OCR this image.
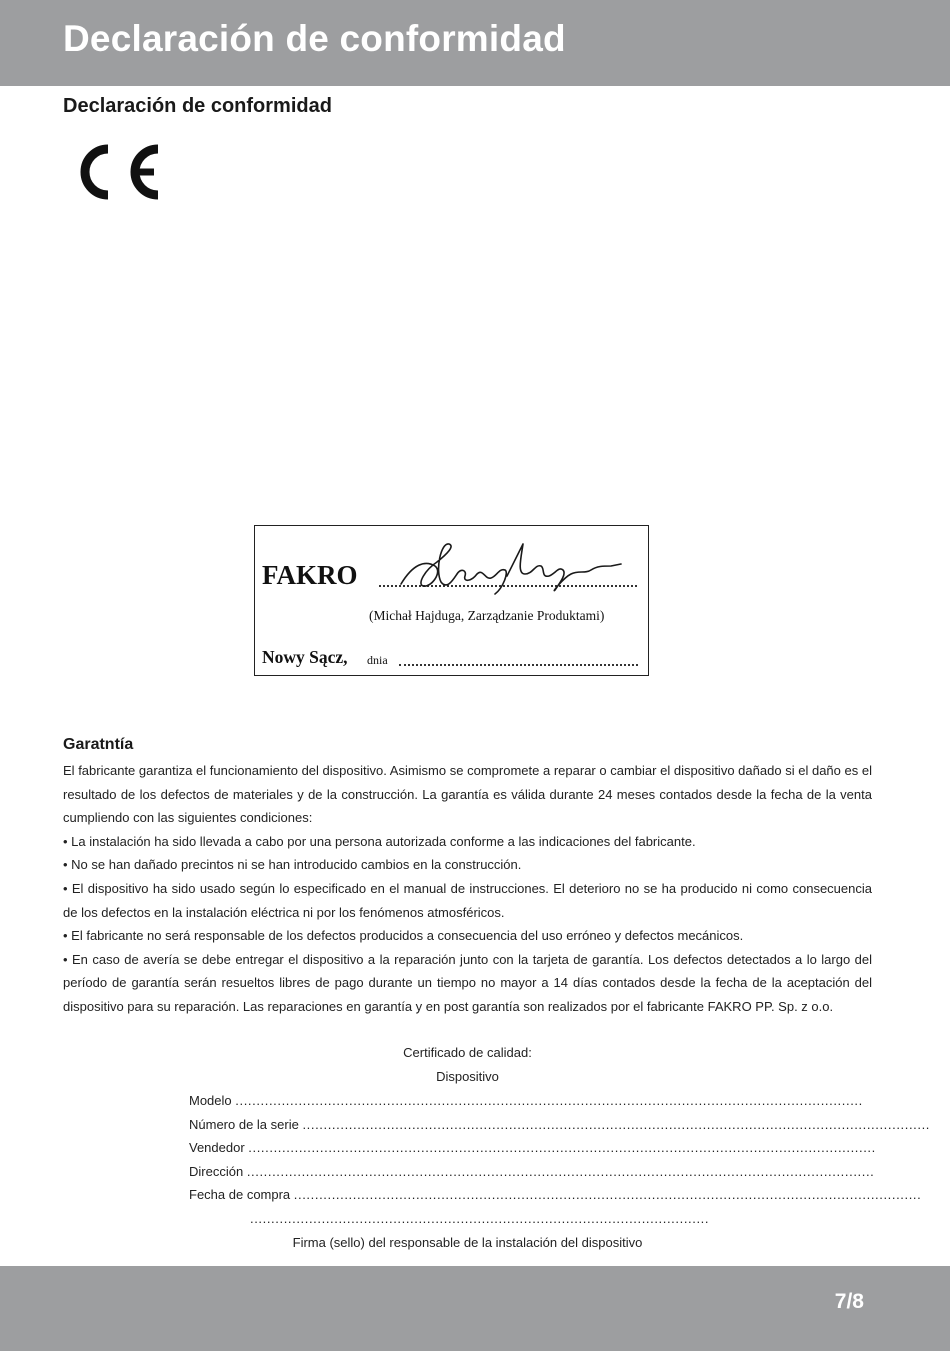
Declaración de conformidad
Declaración de conformidad
FAKRO
(Michał Hajduga, Zarządzanie Produktami)
Nowy Sącz, dnia
Garatntía

El fabricante garantiza el funcionamiento del dispositivo. Asimismo se compromete a reparar o cambiar el dispositivo dañado si el daño es el resultado de los defectos de materiales y de la construcción. La garantía es válida durante 24 meses contados desde la fecha de la venta cumpliendo con las siguientes condiciones:

• La instalación ha sido llevada a cabo por una persona autorizada conforme a las indicaciones del fabricante.

• No se han dañado precintos ni se han introducido cambios en la construcción.

• El dispositivo ha sido usado según lo especificado en el manual de instrucciones. El deterioro no se ha producido ni como consecuencia de los defectos en la instalación eléctrica ni por los fenómenos atmosféricos.

• El fabricante no será responsable de los defectos producidos a consecuencia del uso erróneo y defectos mecánicos.

• En caso de avería se debe entregar el dispositivo a la reparación junto con la tarjeta de garantía. Los defectos detectados a lo largo del período de garantía serán resueltos libres de pago durante un tiempo no mayor a 14 días contados desde la fecha de la aceptación del dispositivo para su reparación. Las reparaciones en garantía y en post garantía son realizados por el fabricante FAKRO PP. Sp. z o.o.

Certificado de calidad:
Dispositivo
Modelo .....................................................................................................................................................
Número de la serie .....................................................................................................................................................
Vendedor .....................................................................................................................................................
Dirección .....................................................................................................................................................
Fecha de compra .....................................................................................................................................................
.............................................................................................................
Firma (sello) del responsable de la instalación del dispositivo
7/8
